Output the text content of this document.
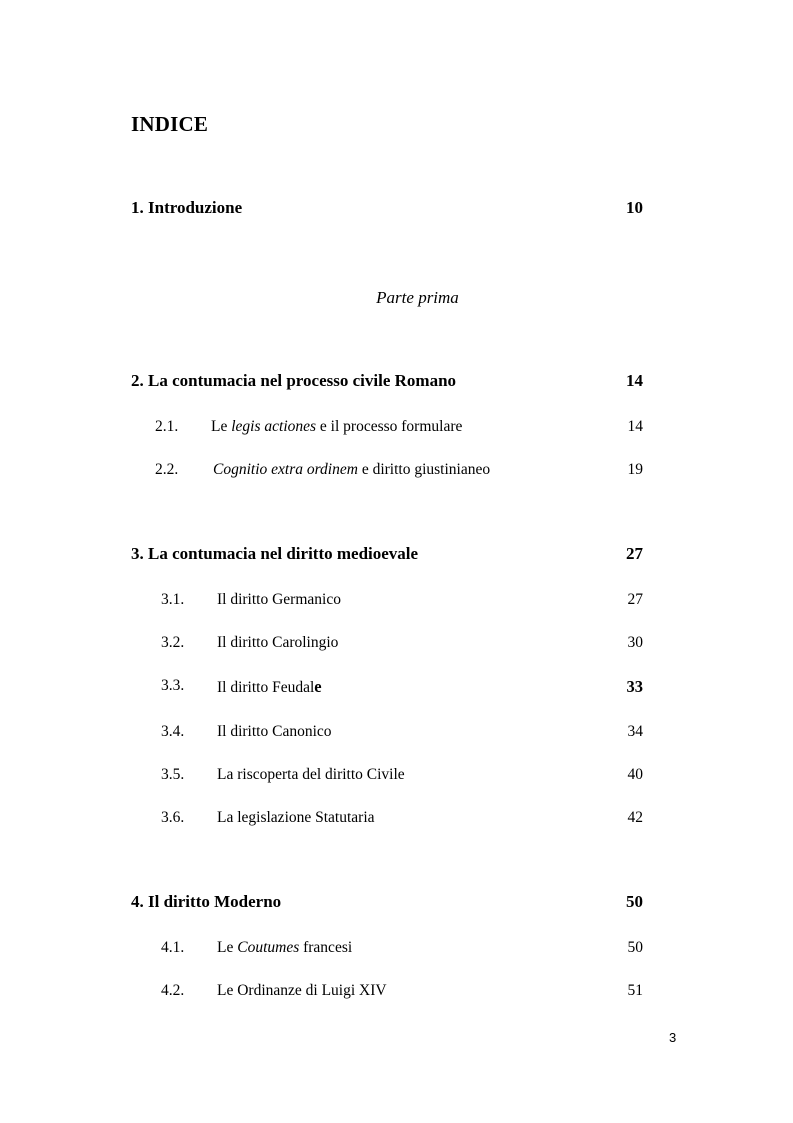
INDICE
1. Introduzione	10
Parte prima
2. La contumacia nel processo civile Romano	14
2.1. Le legis actiones e il processo formulare	14
2.2. Cognitio extra ordinem e diritto giustinianeo	19
3. La contumacia nel diritto medioevale	27
3.1. Il diritto Germanico	27
3.2. Il diritto Carolingio	30
3.3. Il diritto Feudale	33
3.4. Il diritto Canonico	34
3.5. La riscoperta del diritto Civile	40
3.6. La legislazione Statutaria	42
4. Il diritto Moderno	50
4.1. Le Coutumes francesi	50
4.2. Le Ordinanze di Luigi XIV	51
3
